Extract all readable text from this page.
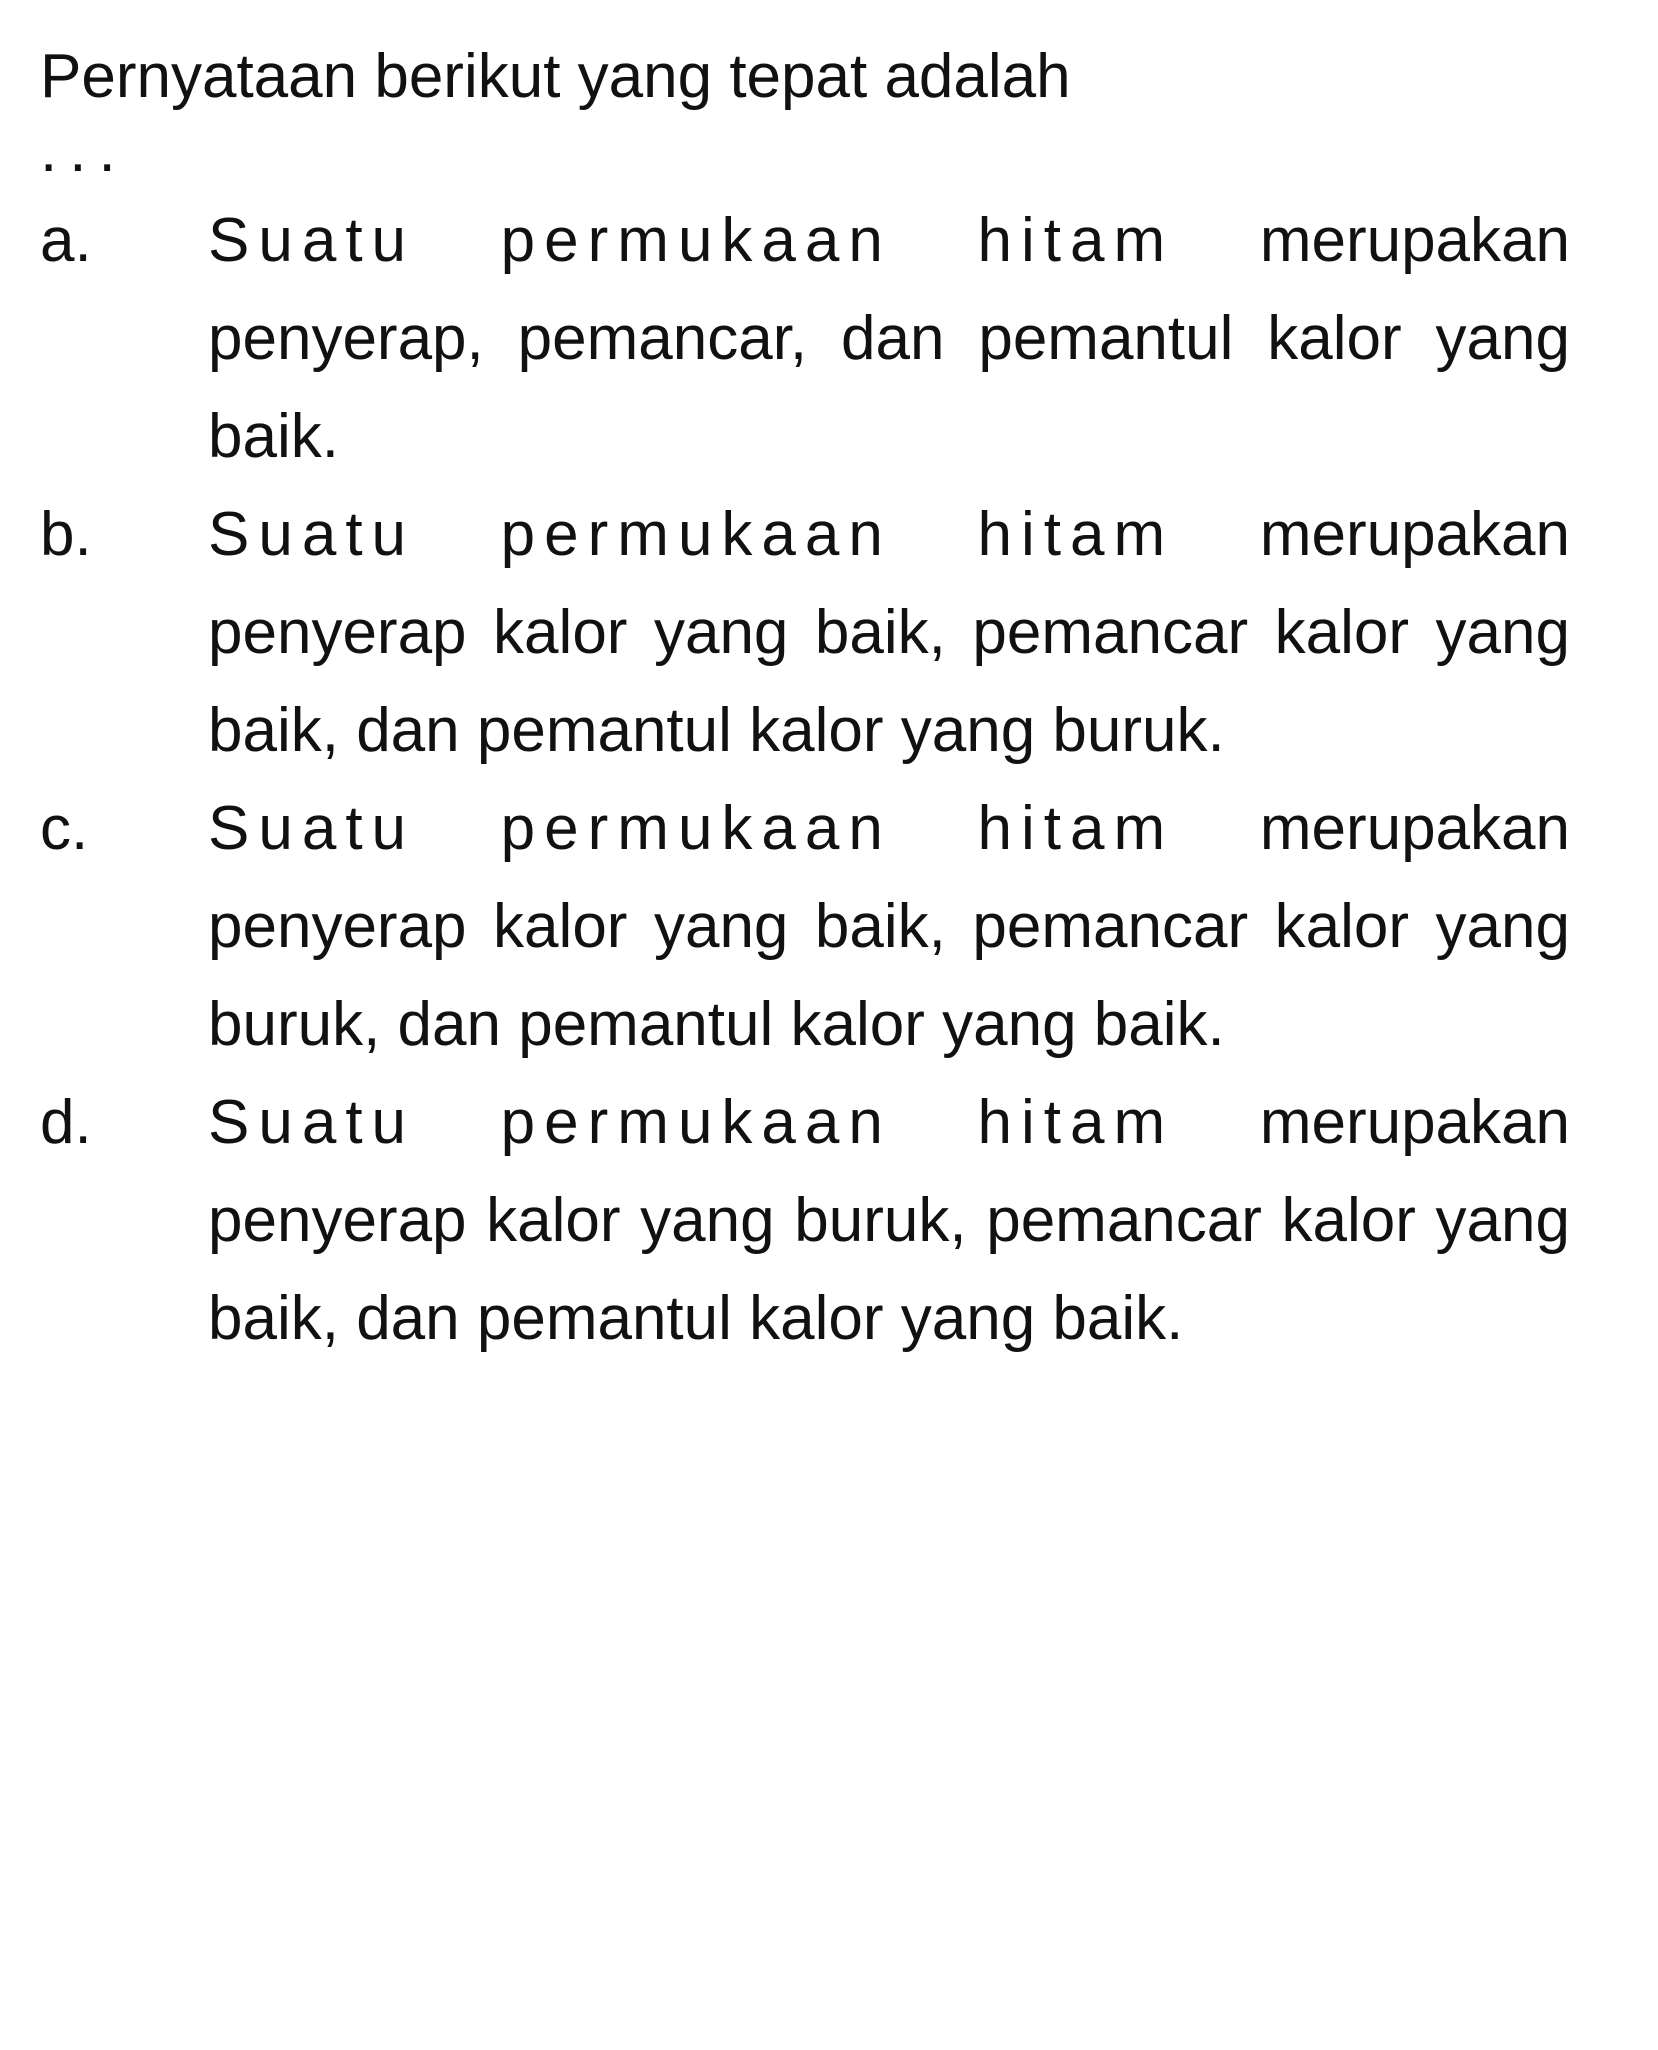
Pernyataan berikut yang tepat adalah
...

a.	Suatu permukaan hitam merupakan penyerap, pemancar, dan pemantul kalor yang baik.
b.	Suatu permukaan hitam merupakan penyerap kalor yang baik, pemancar kalor yang baik, dan pemantul kalor yang buruk.
c.	Suatu permukaan hitam merupakan penyerap kalor yang baik, pemancar kalor yang buruk, dan pemantul kalor yang baik.
d.	Suatu permukaan hitam merupakan penyerap kalor yang buruk, pemancar kalor yang baik, dan pemantul kalor yang baik.
